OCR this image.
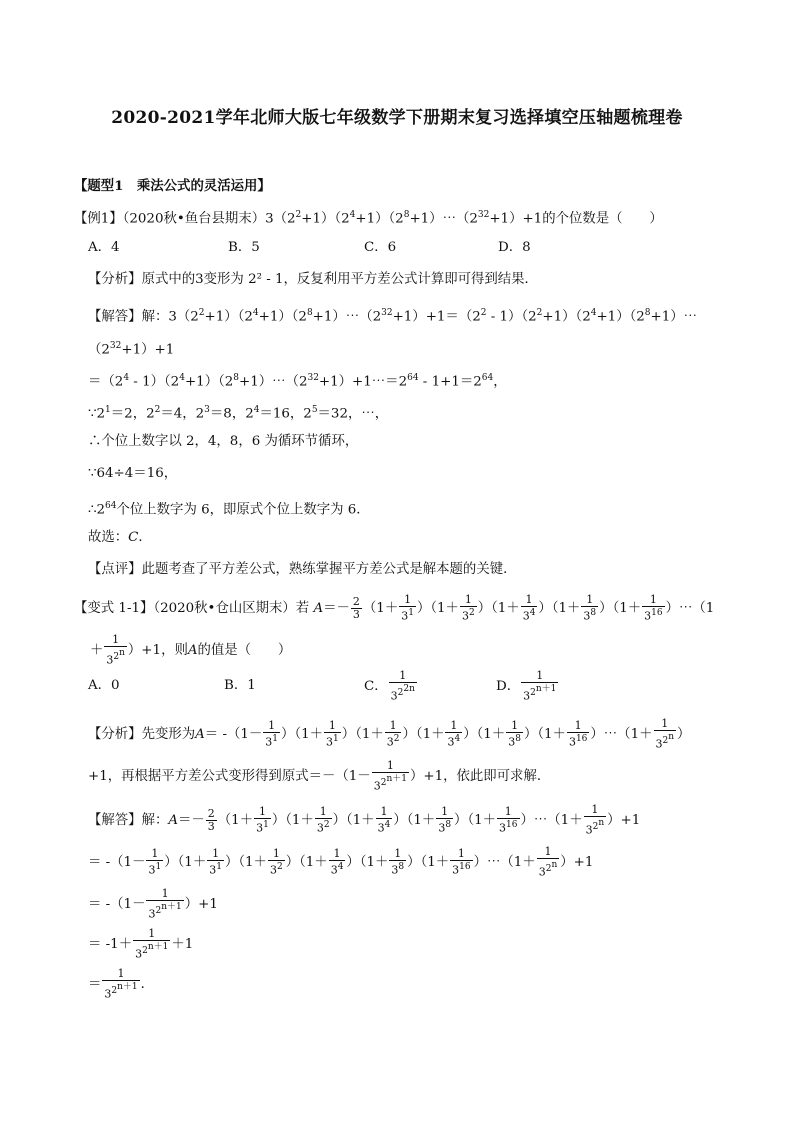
2020-2021学年北师大版七年级数学下册期末复习选择填空压轴题梳理卷
【题型1　乘法公式的灵活运用】
【例1】（2020秋•鱼台县期末）$3(2^2+1)(2^4+1)(2^8+1)\cdots(2^{32}+1)+1$的个位数是（　　）
A．4	B．5	C．6	D．8
【分析】原式中的3变形为 2² - 1，反复利用平方差公式计算即可得到结果．
【解答】解：$3(2^2+1)(2^4+1)(2^8+1)\cdots(2^{32}+1)+1=(2^2$ - $1)(2^2+1)(2^4+1)(2^8+1)\cdots$
$(2^{32}+1)+1$
$=(2^4$ - $1)(2^4+1)(2^8+1)\cdots(2^{32}+1)+1\cdots=2^{64} - 1+1=2^{64}$，
$\because 2^1=2$，$2^2=4$，$2^3=8$，$2^4=16$，$2^5=32$，⋯，
∴个位上数字以 2，4，8，6 为循环节循环，
∵64÷4＝16，
$\therefore 2^{64}$个位上数字为 6，即原式个位上数字为 6．
故选：C．
【点评】此题考查了平方差公式，熟练掌握平方差公式是解本题的关键．
【变式 1-1】（2020秋•仓山区期末）若 $A=- \frac{2}{3} (1+ \frac{1}{3^1} )(1+ \frac{1}{3^2} )(1+ \frac{1}{3^4} )(1+ \frac{1}{3^8} )(1+ \frac{1}{3^{16}}$ ）⋯（1
＋ $\frac{1}{3^{2^n}} )+1$，则A的值是（　　）
A．0	B．1	C． $\frac{1}{3^{2^{2n}}}$	D． $\frac{1}{3^{2^{n+1}}}$
【分析】先变形为$A= -(1- \frac{1}{3^1} )(1+ \frac{1}{3^1} )(1+ \frac{1}{3^2} )(1+ \frac{1}{3^4} )(1+ \frac{1}{3^8} )(1+ \frac{1}{3^{16}}$ ）⋯（1＋ $\frac{1}{3^{2^n}}$ ）
+1，再根据平方差公式变形得到原式$=-(1- \frac{1}{3^{2^{n+1}}} )+1$，依此即可求解．
【解答】解：$A=- \frac{2}{3} (1+ \frac{1}{3^1} )(1+ \frac{1}{3^2} )(1+ \frac{1}{3^4} )(1+ \frac{1}{3^8} )(1+ \frac{1}{3^{16}}$ ）⋯（1＋ $\frac{1}{3^{2^n}} )+1$
＝ $-(1- \frac{1}{3^1} )(1+ \frac{1}{3^1} )(1+ \frac{1}{3^2} )(1+ \frac{1}{3^4} )(1+ \frac{1}{3^8} )(1+ \frac{1}{3^{16}}$ ）⋯（1＋ $\frac{1}{3^{2^n}} )+1$
＝ $-(1- \frac{1}{3^{2^{n+1}}} )+1$
＝ $-1+ \frac{1}{3^{2^{n+1}}} +1$
＝ $\frac{1}{3^{2^{n+1}}}$ ．
